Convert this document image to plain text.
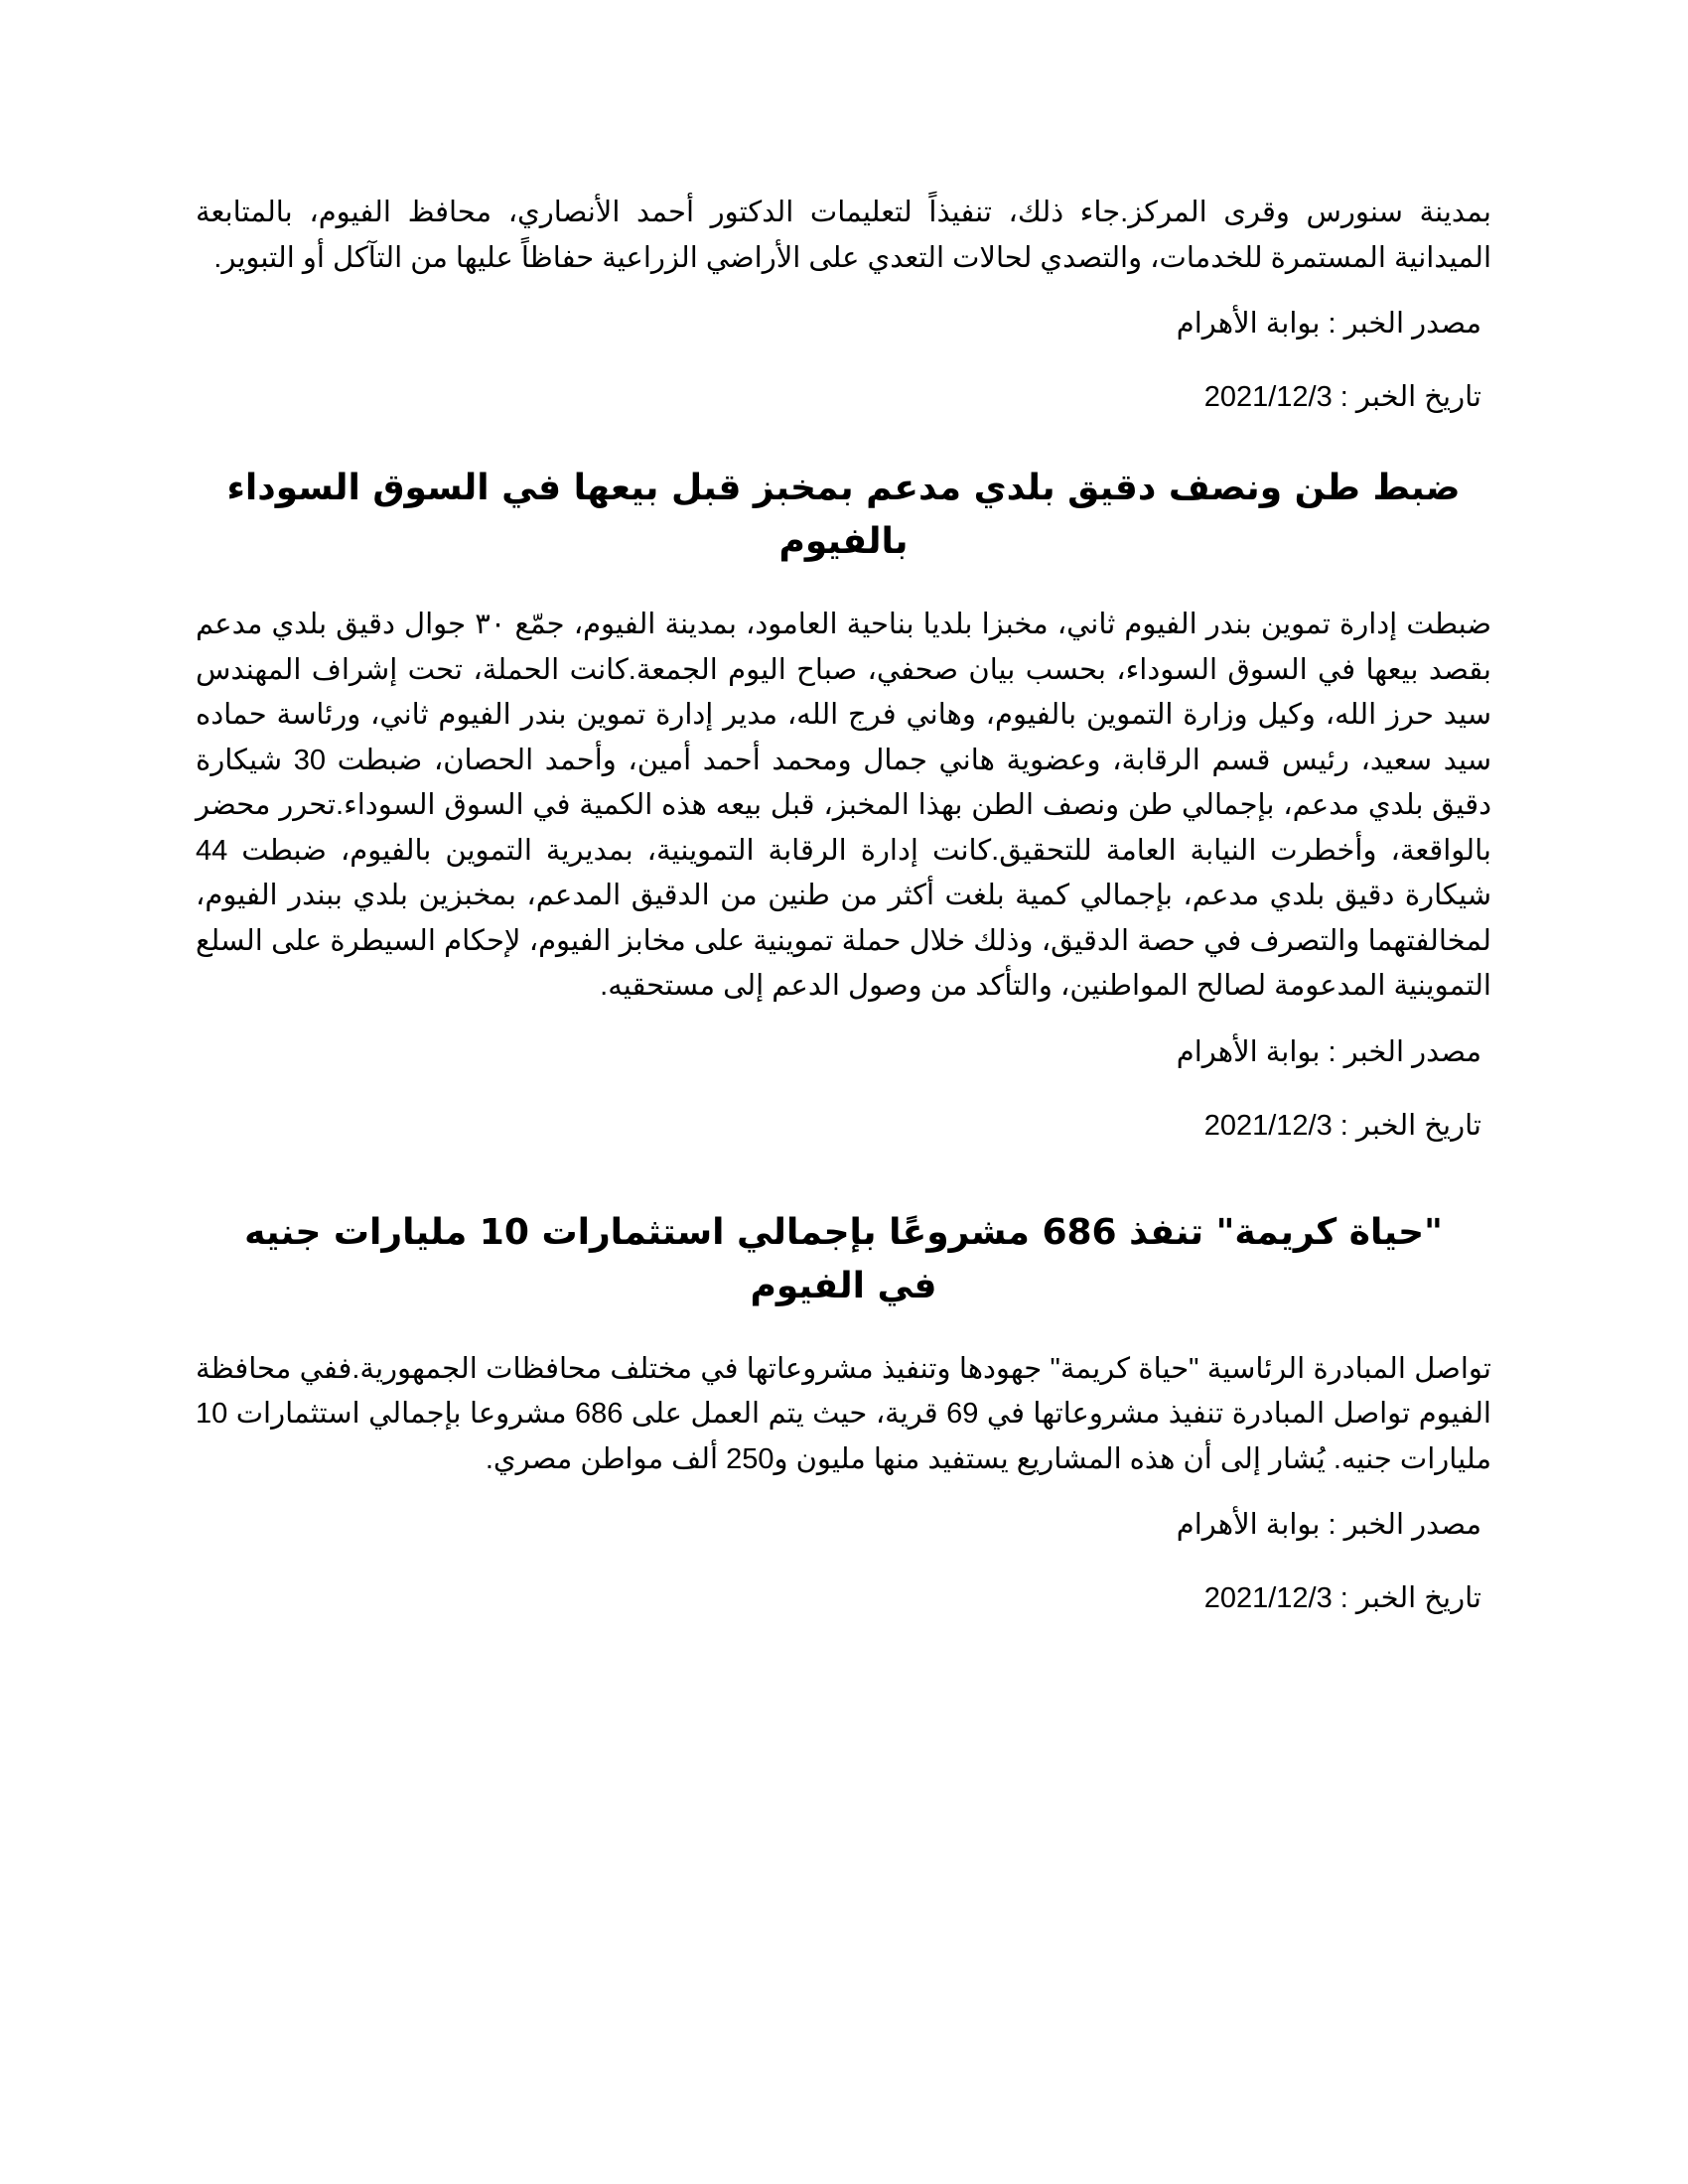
بمدينة سنورس وقرى المركز.جاء ذلك، تنفيذاً لتعليمات الدكتور أحمد الأنصاري، محافظ الفيوم، بالمتابعة الميدانية المستمرة للخدمات، والتصدي لحالات التعدي على الأراضي الزراعية حفاظاً عليها من التآكل أو التبوير.

مصدر الخبر : بوابة الأهرام

تاريخ الخبر : 2021/12/3

ضبط طن ونصف دقيق بلدي مدعم بمخبز قبل بيعها في السوق السوداء بالفيوم

ضبطت إدارة تموين بندر الفيوم ثاني، مخبزا بلديا بناحية العامود، بمدينة الفيوم، جمّع ٣٠ جوال دقيق بلدي مدعم بقصد بيعها في السوق السوداء، بحسب بيان صحفي، صباح اليوم الجمعة.كانت الحملة، تحت إشراف المهندس سيد حرز الله، وكيل وزارة التموين بالفيوم، وهاني فرج الله، مدير إدارة تموين بندر الفيوم ثاني، ورئاسة حماده سيد سعيد، رئيس قسم الرقابة، وعضوية هاني جمال ومحمد أحمد أمين، وأحمد الحصان، ضبطت 30 شيكارة دقيق بلدي مدعم، بإجمالي طن ونصف الطن بهذا المخبز، قبل بيعه هذه الكمية في السوق السوداء.تحرر محضر بالواقعة، وأخطرت النيابة العامة للتحقيق.كانت إدارة الرقابة التموينية، بمديرية التموين بالفيوم، ضبطت 44 شيكارة دقيق بلدي مدعم، بإجمالي كمية بلغت أكثر من طنين من الدقيق المدعم، بمخبزين بلدي ببندر الفيوم، لمخالفتهما والتصرف في حصة الدقيق، وذلك خلال حملة تموينية على مخابز الفيوم، لإحكام السيطرة على السلع التموينية المدعومة لصالح المواطنين، والتأكد من وصول الدعم إلى مستحقيه.

مصدر الخبر : بوابة الأهرام

تاريخ الخبر : 2021/12/3

"حياة كريمة" تنفذ 686 مشروعًا بإجمالي استثمارات 10 مليارات جنيه في الفيوم

تواصل المبادرة الرئاسية "حياة كريمة" جهودها وتنفيذ مشروعاتها في مختلف محافظات الجمهورية.ففي محافظة الفيوم تواصل المبادرة تنفيذ مشروعاتها في 69 قرية، حيث يتم العمل على 686 مشروعا بإجمالي استثمارات 10 مليارات جنيه. يُشار إلى أن هذه المشاريع يستفيد منها مليون و250 ألف مواطن مصري.

مصدر الخبر : بوابة الأهرام

تاريخ الخبر : 2021/12/3
